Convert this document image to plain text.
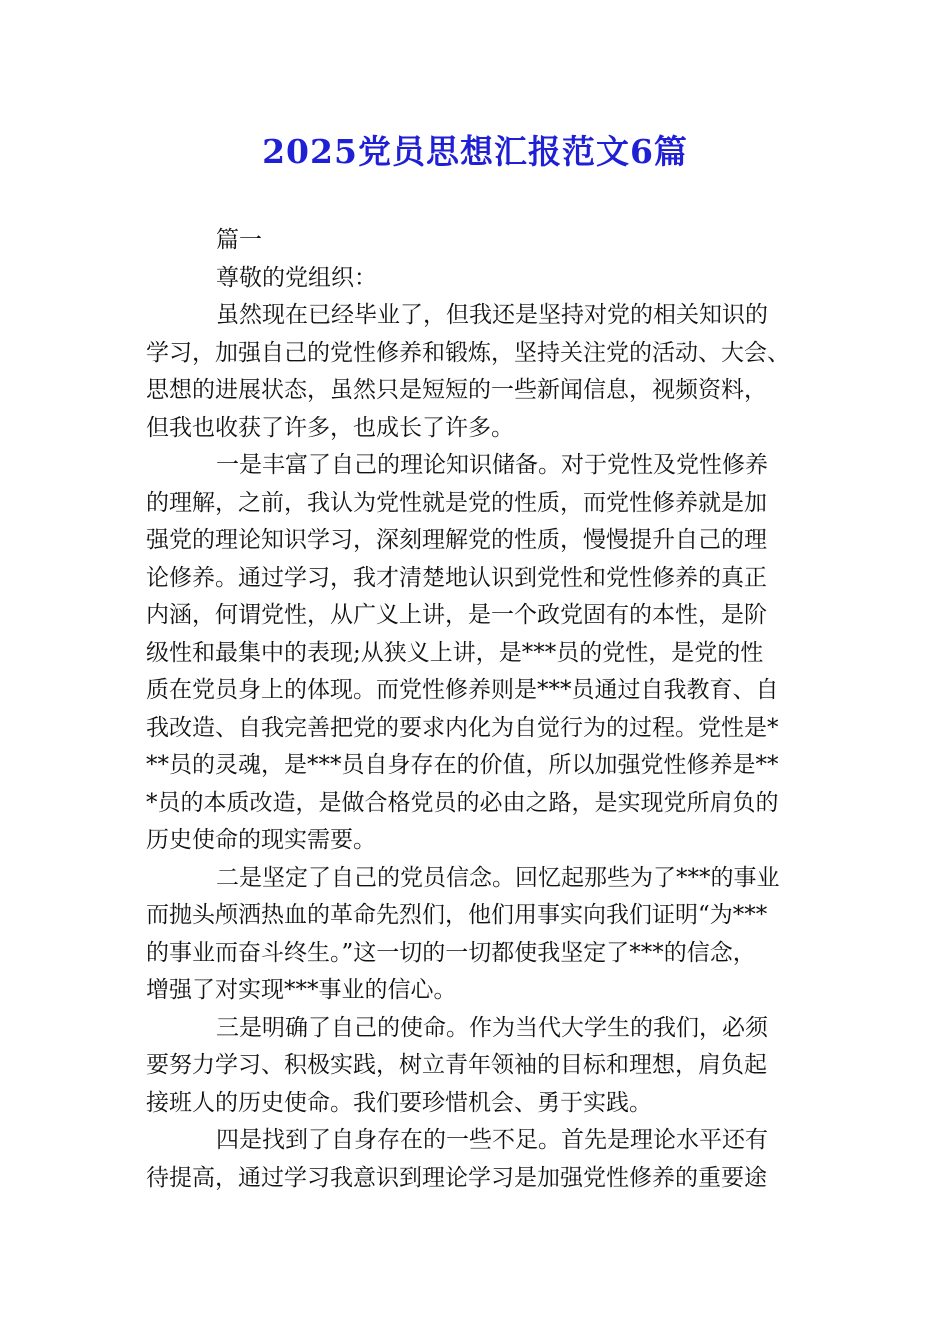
2025党员思想汇报范文6篇
篇一
尊敬的党组织：
虽然现在已经毕业了，但我还是坚持对党的相关知识的
学习，加强自己的党性修养和锻炼，坚持关注党的活动、大会、
思想的进展状态，虽然只是短短的一些新闻信息，视频资料，
但我也收获了许多，也成长了许多。
一是丰富了自己的理论知识储备。对于党性及党性修养
的理解，之前，我认为党性就是党的性质，而党性修养就是加
强党的理论知识学习，深刻理解党的性质，慢慢提升自己的理
论修养。通过学习，我才清楚地认识到党性和党性修养的真正
内涵，何谓党性，从广义上讲，是一个政党固有的本性，是阶
级性和最集中的表现;从狭义上讲，是***员的党性，是党的性
质在党员身上的体现。而党性修养则是***员通过自我教育、自
我改造、自我完善把党的要求内化为自觉行为的过程。党性是*
**员的灵魂，是***员自身存在的价值，所以加强党性修养是**
*员的本质改造，是做合格党员的必由之路，是实现党所肩负的
历史使命的现实需要。
二是坚定了自己的党员信念。回忆起那些为了***的事业
而抛头颅洒热血的革命先烈们，他们用事实向我们证明“为***
的事业而奋斗终生。”这一切的一切都使我坚定了***的信念，
增强了对实现***事业的信心。
三是明确了自己的使命。作为当代大学生的我们，必须
要努力学习、积极实践，树立青年领袖的目标和理想，肩负起
接班人的历史使命。我们要珍惜机会、勇于实践。
四是找到了自身存在的一些不足。首先是理论水平还有
待提高，通过学习我意识到理论学习是加强党性修养的重要途
